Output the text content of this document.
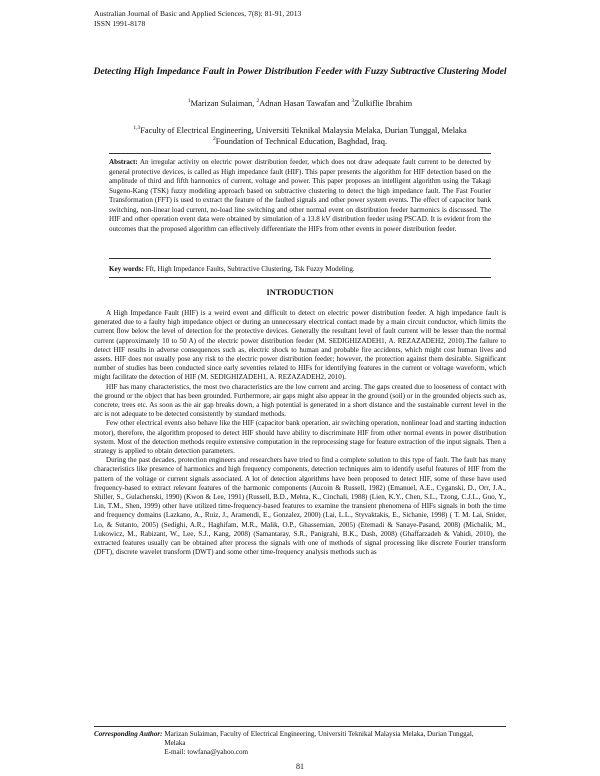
Australian Journal of Basic and Applied Sciences, 7(8): 81-91, 2013
ISSN 1991-8178
Detecting High Impedance Fault in Power Distribution Feeder with Fuzzy Subtractive Clustering Model
$^1$Marizan Sulaiman, $^2$Adnan Hasan Tawafan and $^3$Zulkiflie Ibrahim
$^{1,3}$Faculty of Electrical Engineering, Universiti Teknikal Malaysia Melaka, Durian Tunggal, Melaka
$^2$Foundation of Technical Education, Baghdad, Iraq.
Abstract: An irregular activity on electric power distribution feeder, which does not draw adequate fault current to be detected by general protective devices, is called as High impedance fault (HIF). This paper presents the algorithm for HIF detection based on the amplitude of third and fifth harmonics of current, voltage and power. This paper proposes an intelligent algorithm using the Takagi Sugeno-Kang (TSK) fuzzy modeling approach based on subtractive clustering to detect the high impedance fault. The Fast Fourier Transformation (FFT) is used to extract the feature of the faulted signals and other power system events. The effect of capacitor bank switching, non-linear load current, no-load line switching and other normal event on distribution feeder harmonics is discussed. The HIF and other operation event data were obtained by simulation of a 13.8 kV distribution feeder using PSCAD. It is evident from the outcomes that the proposed algorithm can effectively differentiate the HIFs from other events in power distribution feeder.
Key words: Fft, High Impedance Faults, Subtractive Clustering, Tsk Fuzzy Modeling.
INTRODUCTION

A High Impedance Fault (HIF) is a weird event and difficult to detect on electric power distribution feeder. A high impedance fault is generated due to a faulty high impedance object or during an unnecessary electrical contact made by a main circuit conductor, which limits the current flow below the level of detection for the protective devices. Generally the resultant level of fault current will be lesser than the normal current (approximately 10 to 50 A) of the electric power distribution feeder (M. SEDIGHIZADEH1, A. REZAZADEH2, 2010).The failure to detect HIF results in adverse consequences such as, electric shock to human and probable fire accidents, which might cost human lives and assets. HIF does not usually pose any risk to the electric power distribution feeder; however, the protection against them desirable. Significant number of studies has been conducted since early seventies related to HIFs for identifying features in the current or voltage waveform, which might facilitate the detection of HIF (M. SEDIGHIZADEH1, A. REZAZADEH2, 2010).

HIF has many characteristics, the most two characteristics are the low current and arcing. The gaps created due to looseness of contact with the ground or the object that has been grounded. Furthermore, air gaps might also appear in the ground (soil) or in the grounded objects such as, concrete, trees etc. As soon as the air gap breaks down, a high potential is generated in a short distance and the sustainable current level in the arc is not adequate to be detected consistently by standard methods.

Few other electrical events also behave like the HIF (capacitor bank operation, air switching operation, nonlinear load and starting induction motor), therefore, the algorithm proposed to detect HIF should have ability to discriminate HIF from other normal events in power distribution system. Most of the detection methods require extensive computation in the reprocessing stage for feature extraction of the input signals. Then a strategy is applied to obtain detection parameters.

During the past decades, protection engineers and researchers have tried to find a complete solution to this type of fault. The fault has many characteristics like presence of harmonics and high frequency components, detection techniques aim to identify useful features of HIF from the pattern of the voltage or current signals associated. A lot of detection algorithms have been proposed to detect HIF, some of these have used frequency-based to extract relevant features of the harmonic components (Aucoin & Russell, 1982) (Emanuel, A.E., Cyganski, D., Orr, J.A., Shiller, S., Gulachenski, 1990) (Kwon & Lee, 1991) (Russell, B.D., Mehta, K., Cinchali, 1988) (Lien, K.Y., Chen, S.L., Tzong, C.J.L., Guo, Y., Lin, T.M., Shen, 1999) other have utilized time-frequency-based features to examine the transient phenomena of HIFs signals in both the time and frequency domains (Lazkano, A., Ruiz, J., Aramendi, E., Gonzalez, 2000) (Lai, L.L., Styvaktakis, E., Sichanie, 1998) ( T. M. Lai, Snider, Lo, & Sutanto, 2005) (Sedighi, A.R., Haghifam, M.R., Malik, O.P., Ghassemian, 2005) (Etemadi & Sanaye-Pasand, 2008) (Michalik, M., Lukowicz, M., Rabizant, W., Lee, S.J., Kang, 2008) (Samantaray, S.R., Panigrahi, B.K., Dash, 2008) (Ghaffarzadeh & Vahidi, 2010), the extracted features usually can be obtained after process the signals with one of methods of signal processing like discrete Fourier transform (DFT), discrete wavelet transform (DWT) and some other time-frequency analysis methods such as

Corresponding Author: Marizan Sulaiman, Faculty of Electrical Engineering, Universiti Teknikal Malaysia Melaka, Durian Tunggal, Melaka
E-mail: towfana@yahoo.com
81
